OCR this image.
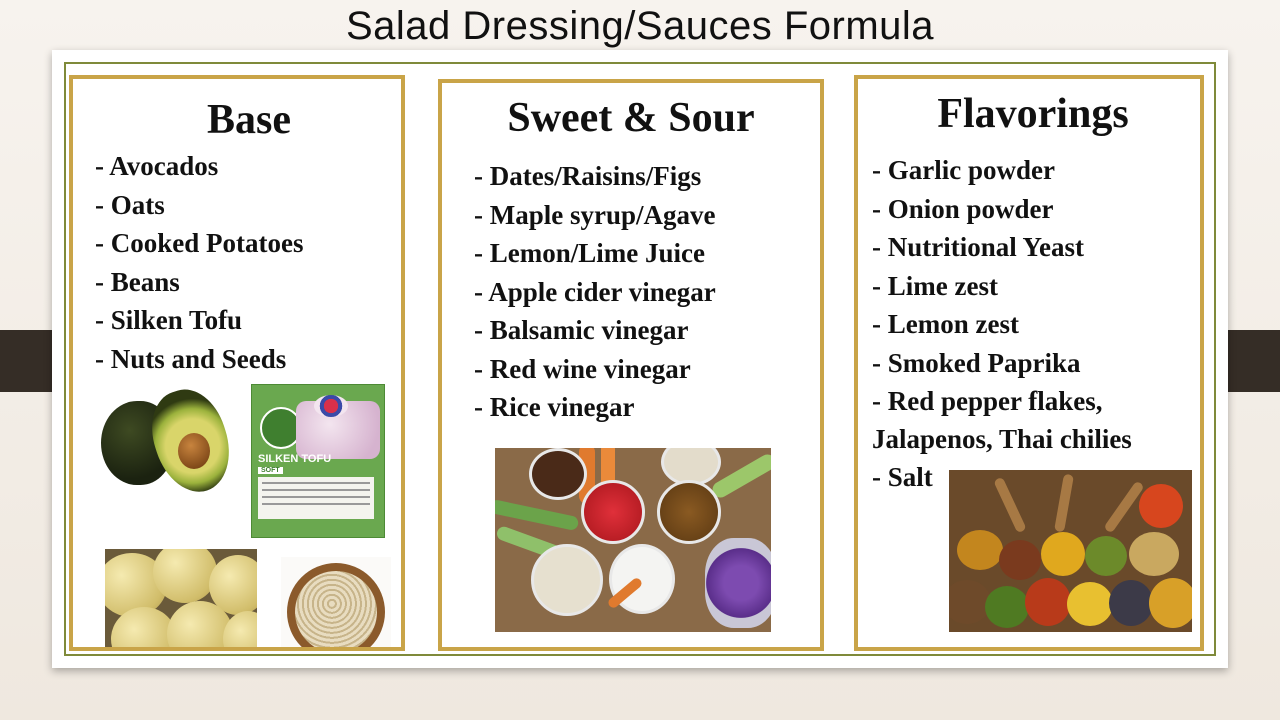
Salad Dressing/Sauces Formula
Base
- Avocados
- Oats
- Cooked Potatoes
- Beans
- Silken Tofu
- Nuts and Seeds
SILKEN TOFU
SOFT
Sweet & Sour
- Dates/Raisins/Figs
- Maple syrup/Agave
- Lemon/Lime Juice
- Apple cider vinegar
- Balsamic vinegar
- Red wine vinegar
- Rice vinegar
Flavorings
- Garlic powder
- Onion powder
- Nutritional Yeast
- Lime zest
- Lemon zest
- Smoked Paprika
- Red pepper flakes, Jalapenos, Thai chilies
- Salt
